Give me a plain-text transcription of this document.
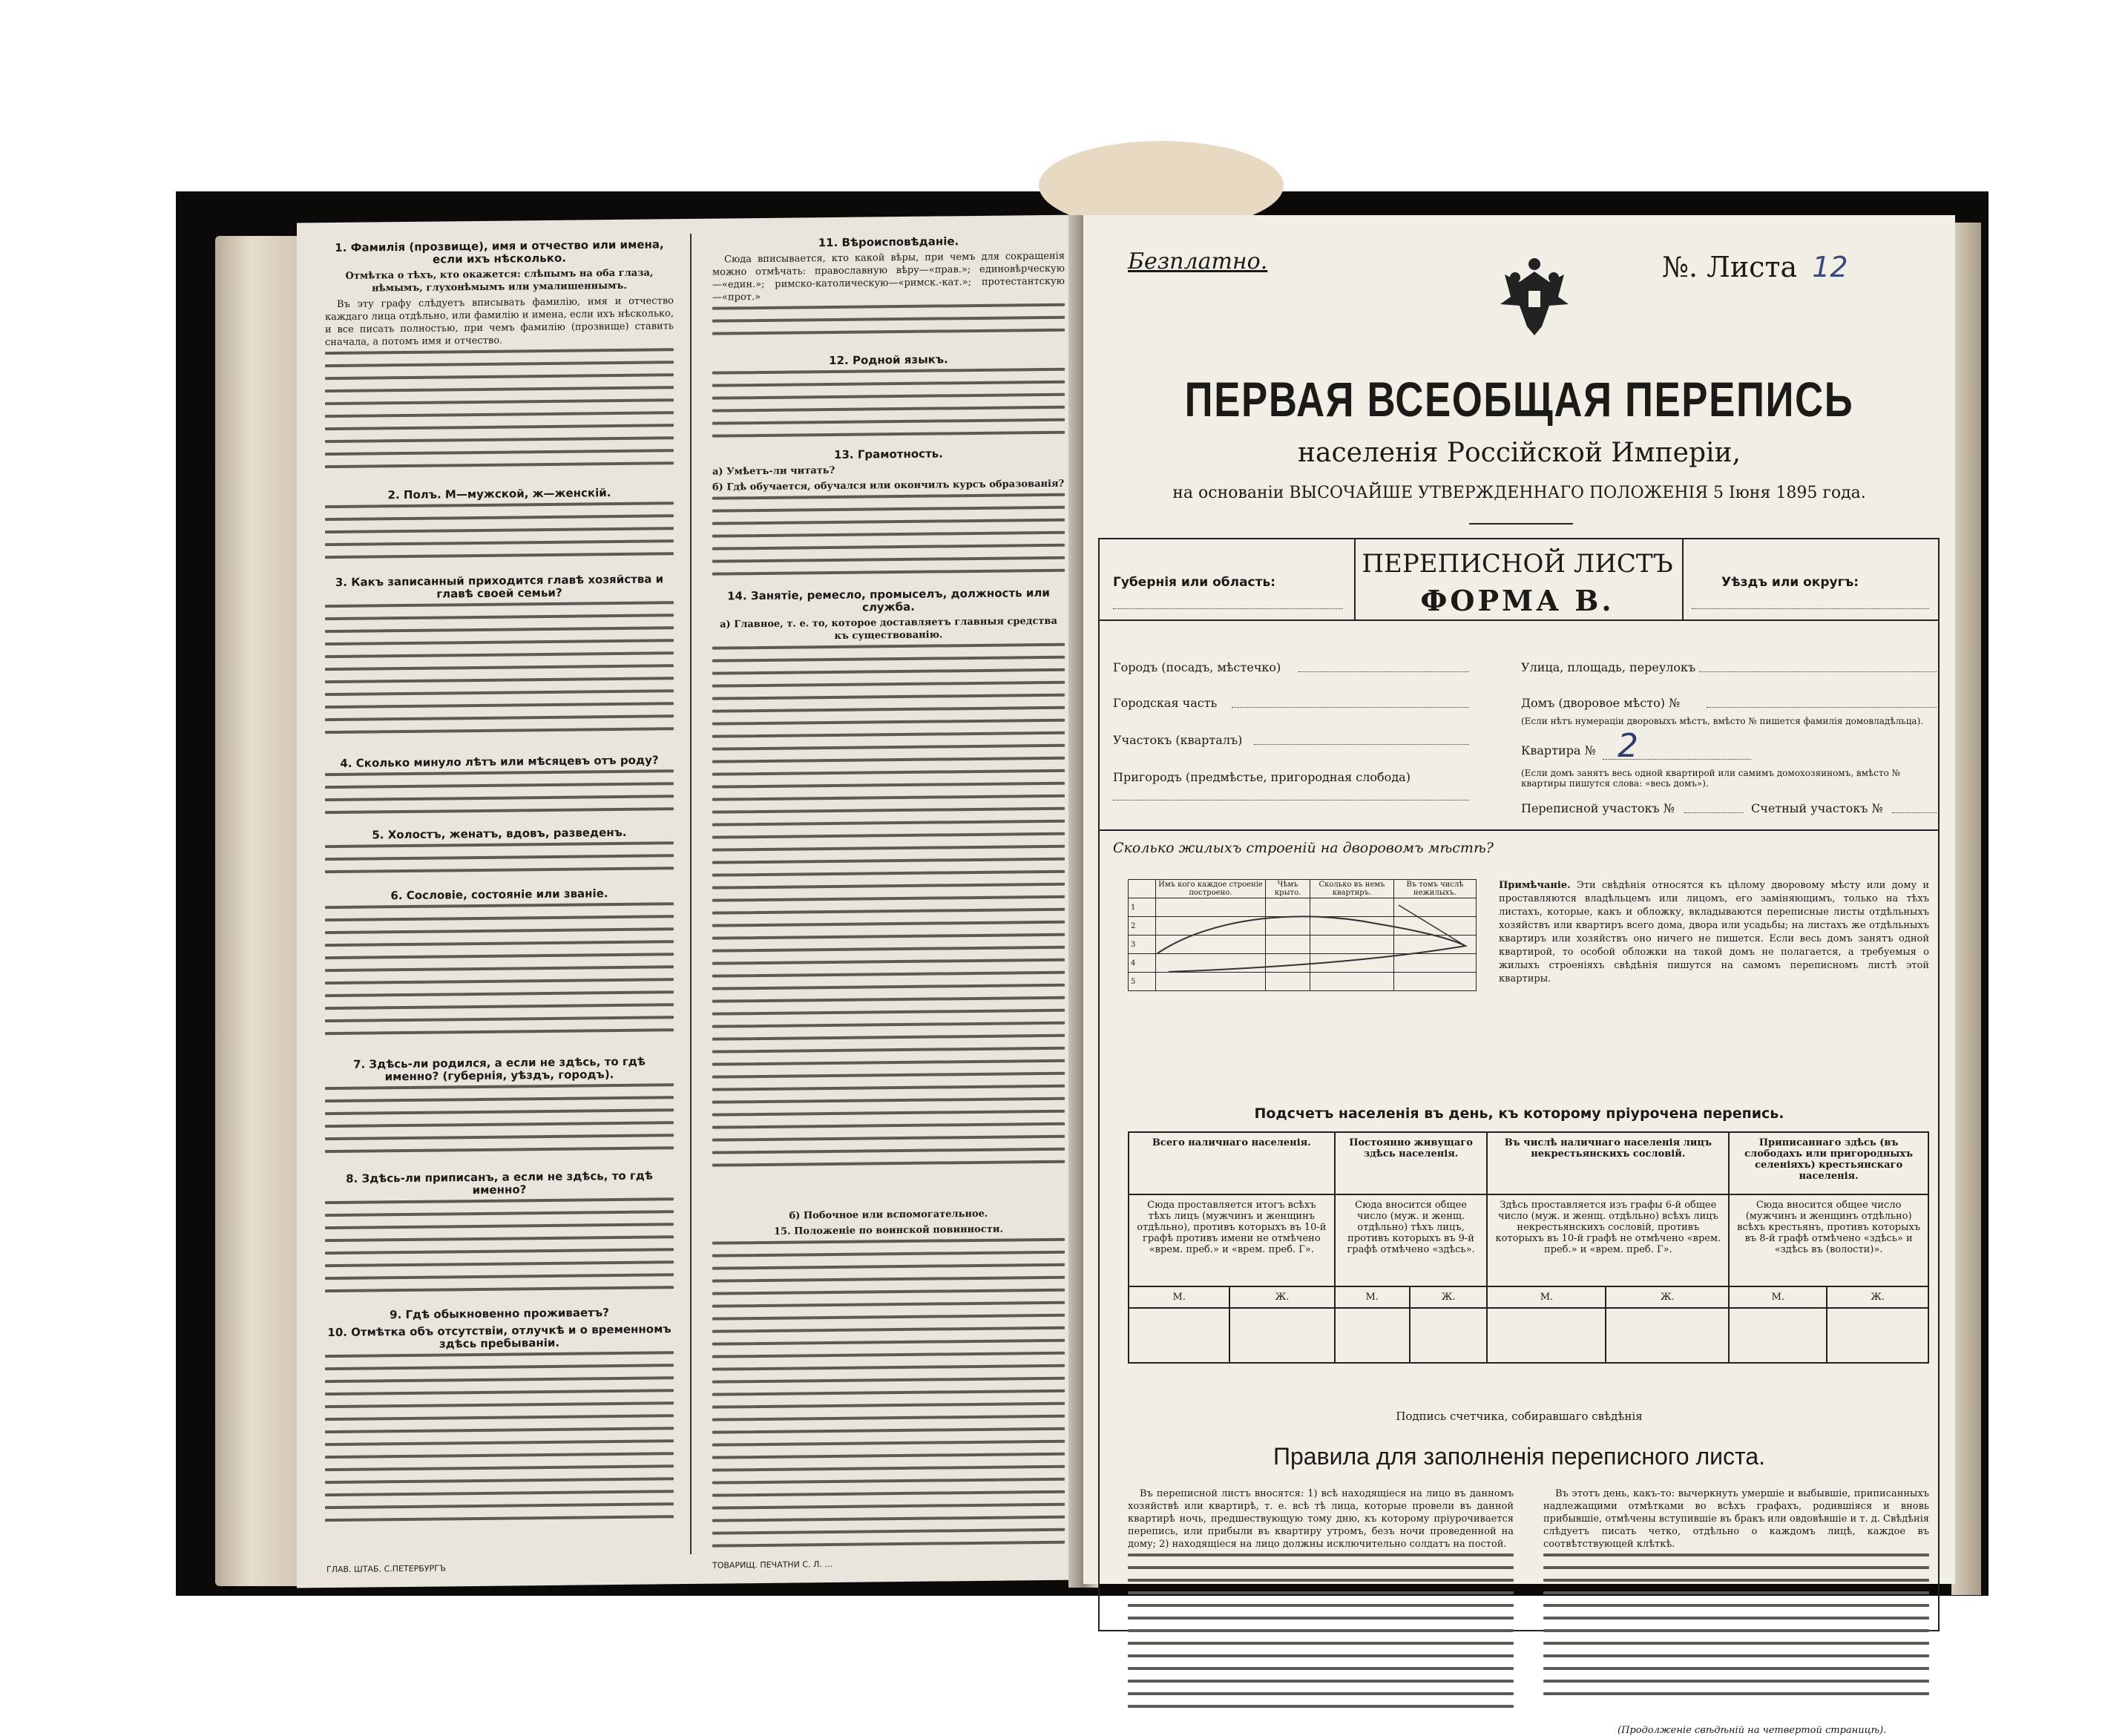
1. Фамилія (прозвище), имя и отчество или имена, если ихъ нѣсколько.

Отмѣтка о тѣхъ, кто окажется: слѣпымъ на оба глаза, нѣмымъ, глухонѣмымъ или умалишеннымъ.

Въ эту графу слѣдуетъ вписывать фамилію, имя и отчество каждаго лица отдѣльно, или фамилію и имена, если ихъ нѣсколько, и все писать полностью, при чемъ фамилію (прозвище) ставить сначала, а потомъ имя и отчество.

2. Полъ. М—мужской, ж—женскій.
3. Какъ записанный приходится главѣ хозяйства и главѣ своей семьи?
4. Сколько минуло лѣтъ или мѣсяцевъ отъ роду?
5. Холостъ, женатъ, вдовъ, разведенъ.
6. Сословіе, состояніе или званіе.
7. Здѣсь-ли родился, а если не здѣсь, то гдѣ именно? (губернія, уѣздъ, городъ).
8. Здѣсь-ли приписанъ, а если не здѣсь, то гдѣ именно?
9. Гдѣ обыкновенно проживаетъ?
10. Отмѣтка объ отсутствіи, отлучкѣ и о временномъ здѣсь пребываніи.
ГЛАВ. ШТАБ. С.ПЕТЕРБУРГЪ
11. Вѣроисповѣданіе.

Сюда вписывается, кто какой вѣры, при чемъ для сокращенія можно отмѣчать: православную вѣру—«прав.»; единовѣрческую—«един.»; римско-католическую—«римск.-кат.»; протестантскую—«прот.»

12. Родной языкъ.
13. Грамотность.

а) Умѣетъ-ли читать?

б) Гдѣ обучается, обучался или окончилъ курсъ образованія?

14. Занятіе, ремесло, промыселъ, должность или служба.

а) Главное, т. е. то, которое доставляетъ главныя средства къ существованію.

б) Побочное или вспомогательное.

15. Положеніе по воинской повинности.

ТОВАРИЩ. ПЕЧАТНИ С. Л. ...
Безплатно.	№. Листа 12
ПЕРВАЯ ВСЕОБЩАЯ ПЕРЕПИСЬ
населенія Россійской Имперіи,
на основаніи ВЫСОЧАЙШЕ УТВЕРЖДЕННАГО ПОЛОЖЕНІЯ 5 Іюня 1895 года.
Губернія или область:	Уѣздъ или округъ:
ПЕРЕПИСНОЙ ЛИСТЪ
ФОРМА В.
Городъ (посадъ, мѣстечко)	Улица, площадь, переулокъ
Городская часть	Домъ (дворовое мѣсто) №
(Если нѣтъ нумераціи дворовыхъ мѣстъ, вмѣсто № пишется фамилія домовладѣльца).
Участокъ (кварталъ)
Квартира № 2
Пригородъ (предмѣстье, пригородная слобода)	(Если домъ занятъ весь одной квартирой или самимъ домохозяиномъ, вмѣсто № квартиры пишутся слова: «весь домъ»).
Переписной участокъ №	Счетный участокъ №
Сколько жилыхъ строеній на дворовомъ мѣстѣ?
	Имъ кого каждое строеніе построено.	Чѣмъ крыто.	Сколько въ немъ квартиръ.	Въ томъ числѣ нежилыхъ.
1				
2				
3				
4				
5				
Примѣчаніе. Эти свѣдѣнія относятся къ цѣлому дворовому мѣсту или дому и проставляются владѣльцемъ или лицомъ, его заміняющимъ, только на тѣхъ листахъ, которые, какъ и обложку, вкладываются переписные листы отдѣльныхъ хозяйствъ или квартиръ всего дома, двора или усадьбы; на листахъ же отдѣльныхъ квартиръ или хозяйствъ оно ничего не пишется. Если весь домъ занятъ одной квартирой, то особой обложки на такой домъ не полагается, а требуемыя о жилыхъ строеніяхъ свѣдѣнія пишутся на самомъ переписномъ листѣ этой квартиры.
Подсчетъ населенія въ день, къ которому пріурочена перепись.
Всего наличнаго населенія.		Постоянно живущаго здѣсь населенія.		Въ числѣ наличнаго населенія лицъ некрестьянскихъ сословій.		Приписаннаго здѣсь (въ слободахъ или пригородныхъ селеніяхъ) крестьянскаго населенія.	
Сюда проставляется итогъ всѣхъ тѣхъ лицъ (мужчинъ и женщинъ отдѣльно), противъ которыхъ въ 10-й графѣ противъ имени не отмѣчено «врем. преб.» и «врем. преб. Г».		Сюда вносится общее число (муж. и женщ. отдѣльно) тѣхъ лицъ, противъ которыхъ въ 9-й графѣ отмѣчено «здѣсь».		Здѣсь проставляется изъ графы 6-й общее число (муж. и женщ. отдѣльно) всѣхъ лицъ некрестьянскихъ сословій, противъ которыхъ въ 10-й графѣ не отмѣчено «врем. преб.» и «врем. преб. Г».		Сюда вносится общее число (мужчинъ и женщинъ отдѣльно) всѣхъ крестьянъ, противъ которыхъ въ 8-й графѣ отмѣчено «здѣсь» и «здѣсь въ (волости)».	
М.	Ж.	М.	Ж.	М.	Ж.	М.	Ж.

Подпись счетчика, собиравшаго свѣдѣнія
Правила для заполненія переписного листа.

Въ переписной листъ вносятся: 1) всѣ находящіеся на лицо въ данномъ хозяйствѣ или квартирѣ, т. е. всѣ тѣ лица, которые провели въ данной квартирѣ ночь, предшествующую тому дню, къ которому пріурочивается перепись, или прибыли въ квартиру утромъ, безъ ночи проведенной на дому; 2) находящіеся на лицо должны исключительно солдатъ на постой.

Въ этотъ день, какъ-то: вычеркнуть умершіе и выбывшіе, приписанныхъ надлежащими отмѣтками во всѣхъ графахъ, родившіяся и вновь прибывшіе, отмѣчены вступившіе въ бракъ или овдовѣвшіе и т. д. Свѣдѣнія слѣдуетъ писать четко, отдѣльно о каждомъ лицѣ, каждое въ соотвѣтствующей клѣткѣ.

(Продолженіе свѣдѣній на четвертой страницѣ).
